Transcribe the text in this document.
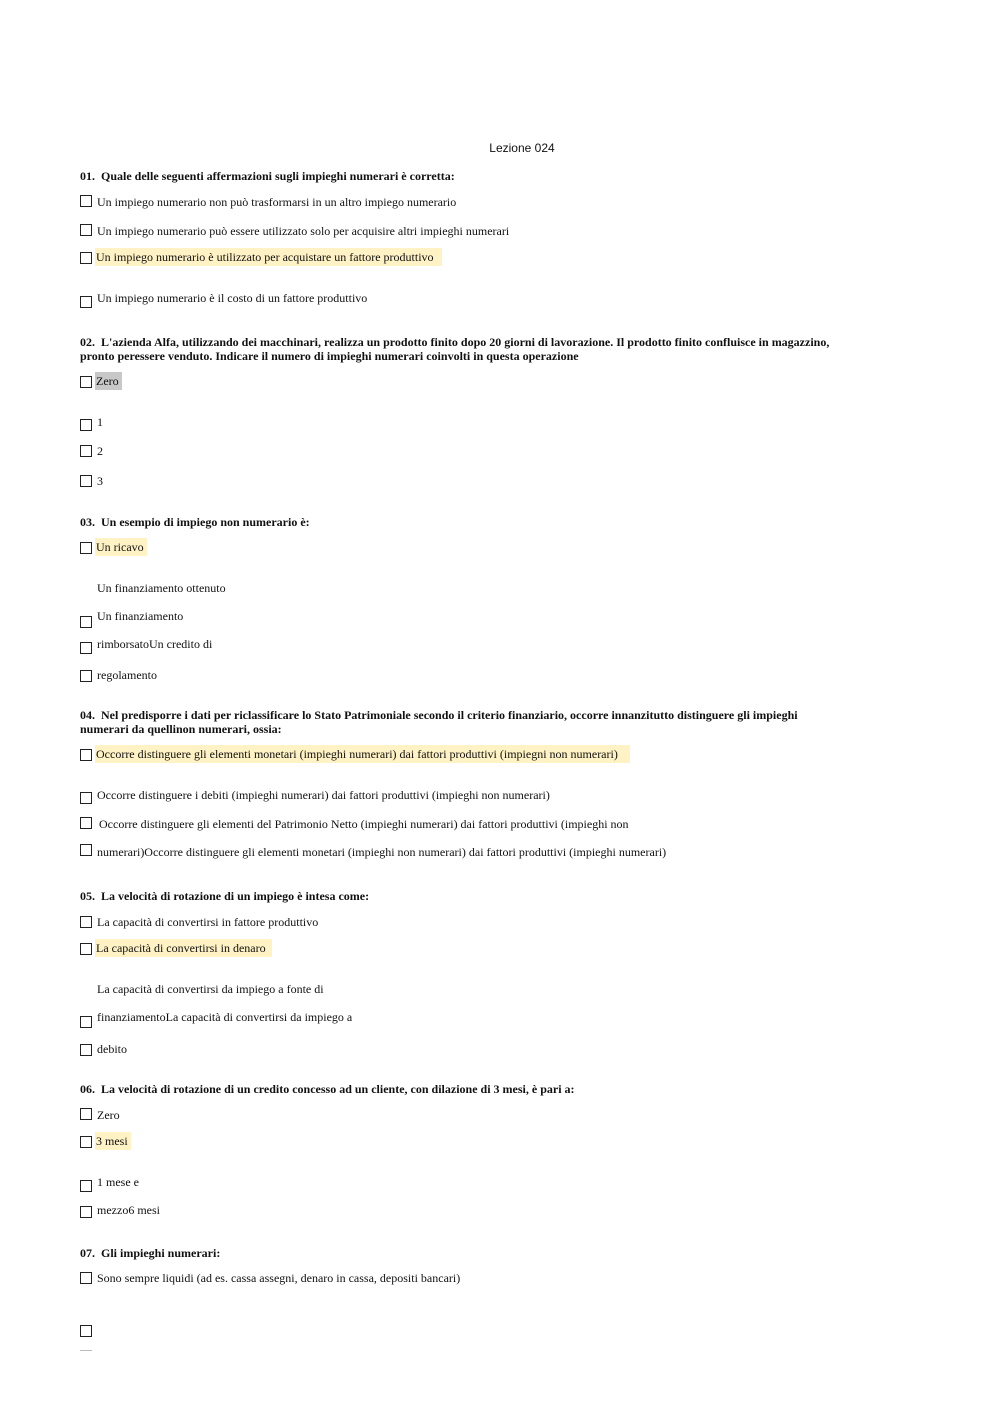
Lezione 024
01. Quale delle seguenti affermazioni sugli impieghi numerari è corretta:
Un impiego numerario non può trasformarsi in un altro impiego numerario
Un impiego numerario può essere utilizzato solo per acquisire altri impieghi numerari
Un impiego numerario è utilizzato per acquistare un fattore produttivo
Un impiego numerario è il costo di un fattore produttivo
02. L'azienda Alfa, utilizzando dei macchinari, realizza un prodotto finito dopo 20 giorni di lavorazione. Il prodotto finito confluisce in magazzino,
pronto peressere venduto. Indicare il numero di impieghi numerari coinvolti in questa operazione
Zero
1
2
3
03. Un esempio di impiego non numerario è:
Un ricavo
Un finanziamento ottenuto
Un finanziamento
rimborsatoUn credito di
regolamento
04. Nel predisporre i dati per riclassificare lo Stato Patrimoniale secondo il criterio finanziario, occorre innanzitutto distinguere gli impieghi
numerari da quellinon numerari, ossia:
Occorre distinguere gli elementi monetari (impieghi numerari) dai fattori produttivi (impiegni non numerari)
Occorre distinguere i debiti (impieghi numerari) dai fattori produttivi (impieghi non numerari)
Occorre distinguere gli elementi del Patrimonio Netto (impieghi numerari) dai fattori produttivi (impieghi non
numerari)Occorre distinguere gli elementi monetari (impieghi non numerari) dai fattori produttivi (impieghi numerari)
05. La velocità di rotazione di un impiego è intesa come:
La capacità di convertirsi in fattore produttivo
La capacità di convertirsi in denaro
La capacità di convertirsi da impiego a fonte di
finanziamentoLa capacità di convertirsi da impiego a
debito
06. La velocità di rotazione di un credito concesso ad un cliente, con dilazione di 3 mesi, è pari a:
Zero
3 mesi
1 mese e
mezzo6 mesi
07. Gli impieghi numerari:
Sono sempre liquidi (ad es. cassa assegni, denaro in cassa, depositi bancari)
